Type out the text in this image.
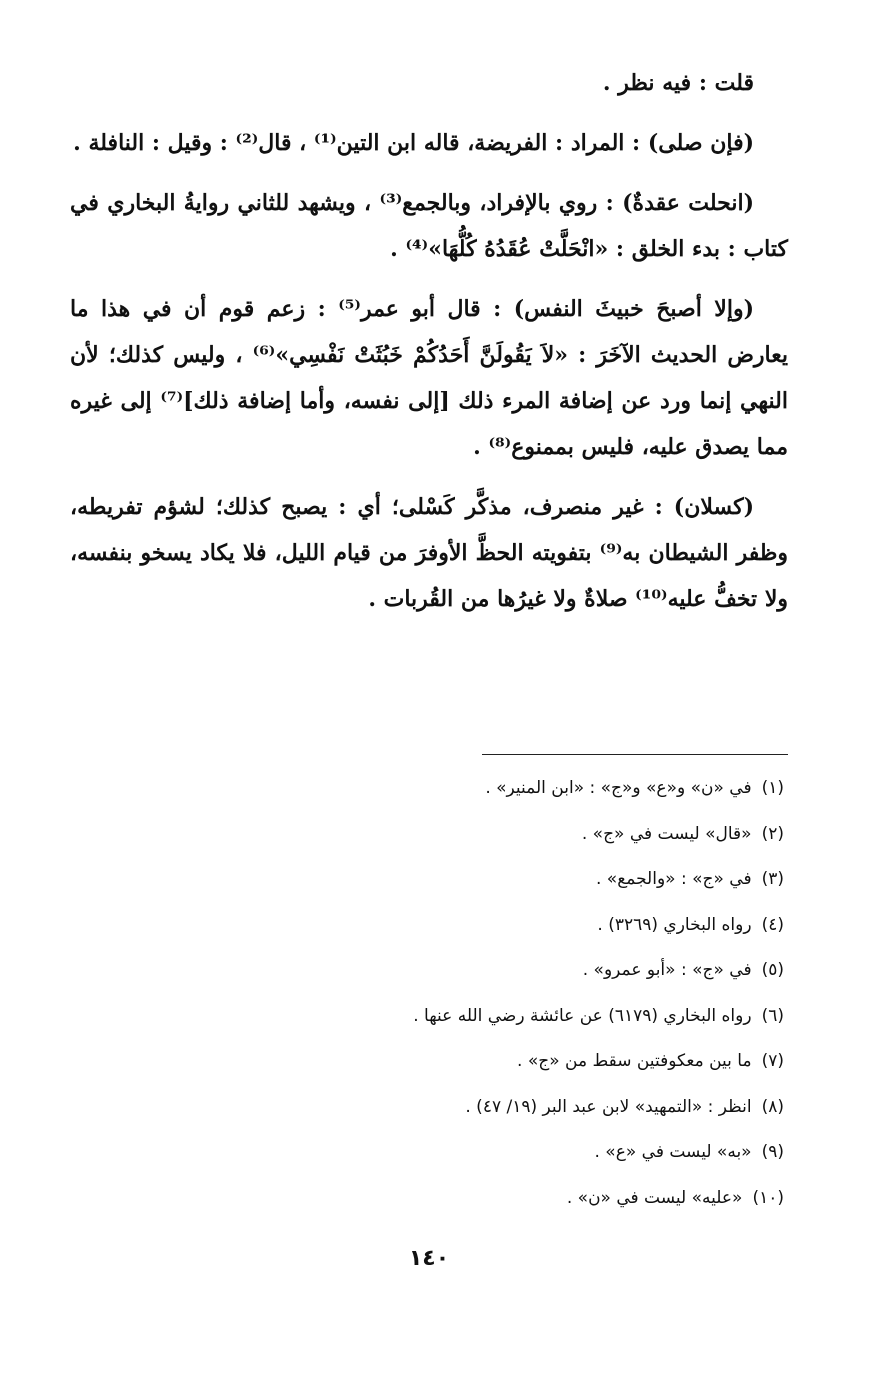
قلت : فيه نظر .

(فإن صلى) : المراد : الفريضة، قاله ابن التين⁽¹⁾ ، قال⁽²⁾ : وقيل : النافلة .

(انحلت عقدةٌ) : روي بالإفراد، وبالجمع⁽³⁾ ، ويشهد للثاني روايةُ البخاري في كتاب : بدء الخلق : «انْحَلَّتْ عُقَدُهُ كُلُّهَا»⁽⁴⁾ .

(وإلا أصبحَ خبيثَ النفس) : قال أبو عمر⁽⁵⁾ : زعم قوم أن في هذا ما يعارض الحديث الآخَرَ : «لاَ يَقُولَنَّ أَحَدُكُمْ خَبُثَتْ نَفْسِي»⁽⁶⁾ ، وليس كذلك؛ لأن النهي إنما ورد عن إضافة المرء ذلك [إلى نفسه، وأما إضافة ذلك]⁽⁷⁾ إلى غيره مما يصدق عليه، فليس بممنوع⁽⁸⁾ .

(كسلان) : غير منصرف، مذكَّر كَسْلى؛ أي : يصبح كذلك؛ لشؤم تفريطه، وظفر الشيطان به⁽⁹⁾ بتفويته الحظَّ الأوفرَ من قيام الليل، فلا يكاد يسخو بنفسه، ولا تخفُّ عليه⁽¹⁰⁾ صلاةٌ ولا غيرُها من القُربات .

(١)في «ن» و«ع» و«ج» : «ابن المنير» .
(٢)«قال» ليست في «ج» .
(٣)في «ج» : «والجمع» .
(٤)رواه البخاري (٣٢٦٩) .
(٥)في «ج» : «أبو عمرو» .
(٦)رواه البخاري (٦١٧٩) عن عائشة رضي الله عنها .
(٧)ما بين معكوفتين سقط من «ج» .
(٨)انظر : «التمهيد» لابن عبد البر (١٩/ ٤٧) .
(٩)«به» ليست في «ع» .
(١٠)«عليه» ليست في «ن» .
١٤٠
